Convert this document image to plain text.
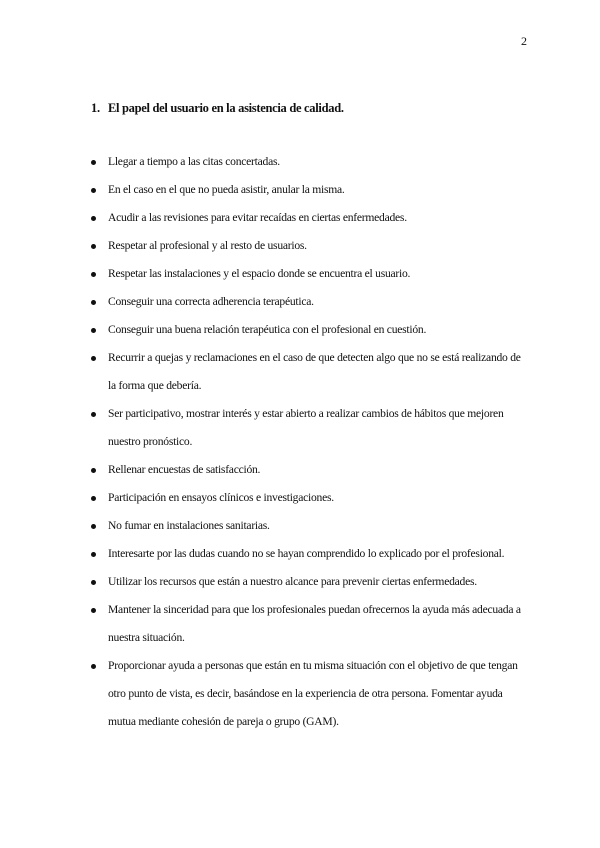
2
1. El papel del usuario en la asistencia de calidad.
Llegar a tiempo a las citas concertadas.
En el caso en el que no pueda asistir, anular la misma.
Acudir a las revisiones para evitar recaídas en ciertas enfermedades.
Respetar al profesional y al resto de usuarios.
Respetar las instalaciones y el espacio donde se encuentra el usuario.
Conseguir una correcta adherencia terapéutica.
Conseguir una buena relación terapéutica con el profesional en cuestión.
Recurrir a quejas y reclamaciones en el caso de que detecten algo que no se está realizando de la forma que debería.
Ser participativo, mostrar interés y estar abierto a realizar cambios de hábitos que mejoren nuestro pronóstico.
Rellenar encuestas de satisfacción.
Participación en ensayos clínicos e investigaciones.
No fumar en instalaciones sanitarias.
Interesarte por las dudas cuando no se hayan comprendido lo explicado por el profesional.
Utilizar los recursos que están a nuestro alcance para prevenir ciertas enfermedades.
Mantener la sinceridad para que los profesionales puedan ofrecernos la ayuda más adecuada a nuestra situación.
Proporcionar ayuda a personas que están en tu misma situación con el objetivo de que tengan otro punto de vista, es decir, basándose en la experiencia de otra persona. Fomentar ayuda mutua mediante cohesión de pareja o grupo (GAM).
